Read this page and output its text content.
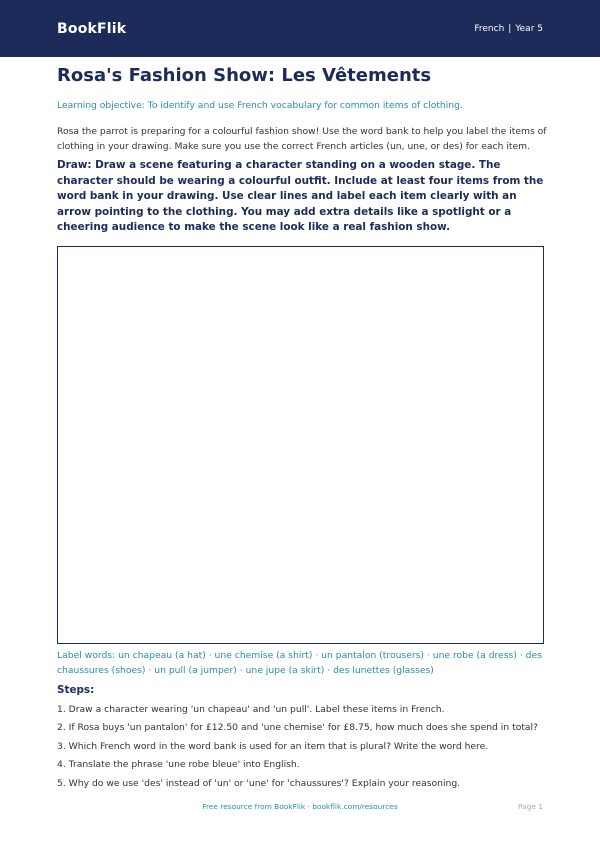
BookFlik	French | Year 5
Rosa's Fashion Show: Les Vêtements

Learning objective: To identify and use French vocabulary for common items of clothing.

Rosa the parrot is preparing for a colourful fashion show! Use the word bank to help you label the items of clothing in your drawing. Make sure you use the correct French articles (un, une, or des) for each item.

Draw: Draw a scene featuring a character standing on a wooden stage. The character should be wearing a colourful outfit. Include at least four items from the word bank in your drawing. Use clear lines and label each item clearly with an arrow pointing to the clothing. You may add extra details like a spotlight or a cheering audience to make the scene look like a real fashion show.

Label words: un chapeau (a hat) · une chemise (a shirt) · un pantalon (trousers) · une robe (a dress) · des chaussures (shoes) · un pull (a jumper) · une jupe (a skirt) · des lunettes (glasses)

Steps:
1. Draw a character wearing 'un chapeau' and 'un pull'. Label these items in French.
2. If Rosa buys 'un pantalon' for £12.50 and 'une chemise' for £8.75, how much does she spend in total?
3. Which French word in the word bank is used for an item that is plural? Write the word here.
4. Translate the phrase 'une robe bleue' into English.
5. Why do we use 'des' instead of 'un' or 'une' for 'chaussures'? Explain your reasoning.
Free resource from BookFlik · bookflik.com/resources	Page 1
